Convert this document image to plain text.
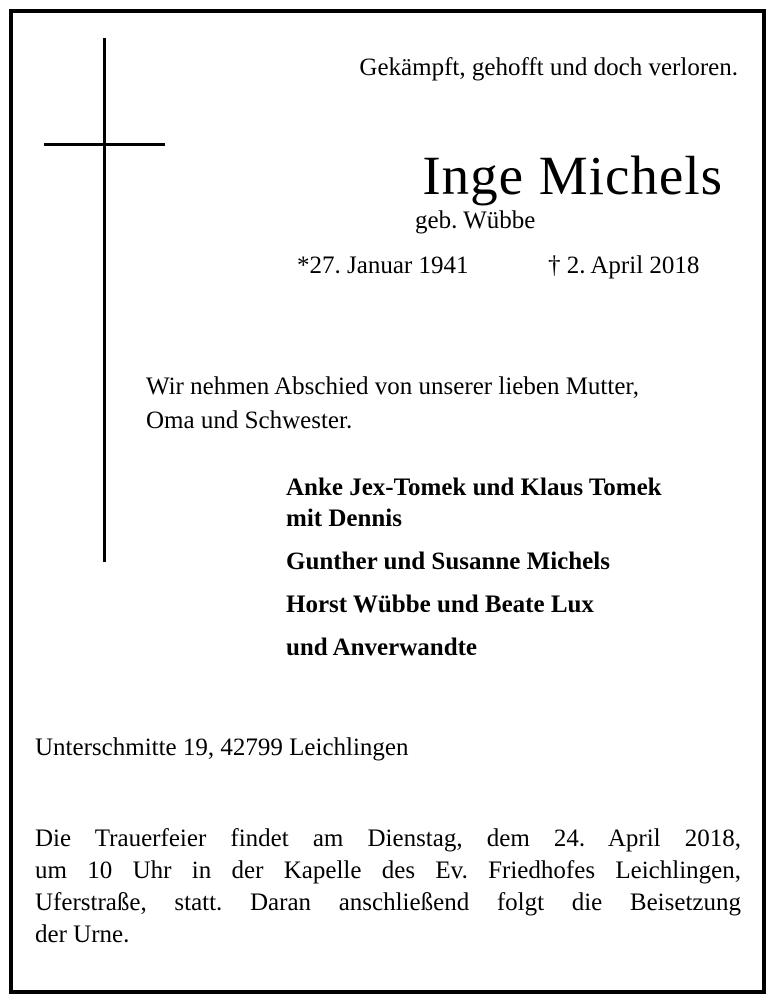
Gekämpft, gehofft und doch verloren.
Inge Michels
geb. Wübbe
*27. Januar 1941	† 2. April 2018
Wir nehmen Abschied von unserer lieben Mutter,
Oma und Schwester.
Anke Jex-Tomek und Klaus Tomek
mit Dennis
Gunther und Susanne Michels
Horst Wübbe und Beate Lux
und Anverwandte
Unterschmitte 19, 42799 Leichlingen
Die Trauerfeier findet am Dienstag, dem 24. April 2018,
um 10 Uhr in der Kapelle des Ev. Friedhofes Leichlingen,
Uferstraße, statt. Daran anschließend folgt die Beisetzung
der Urne.
